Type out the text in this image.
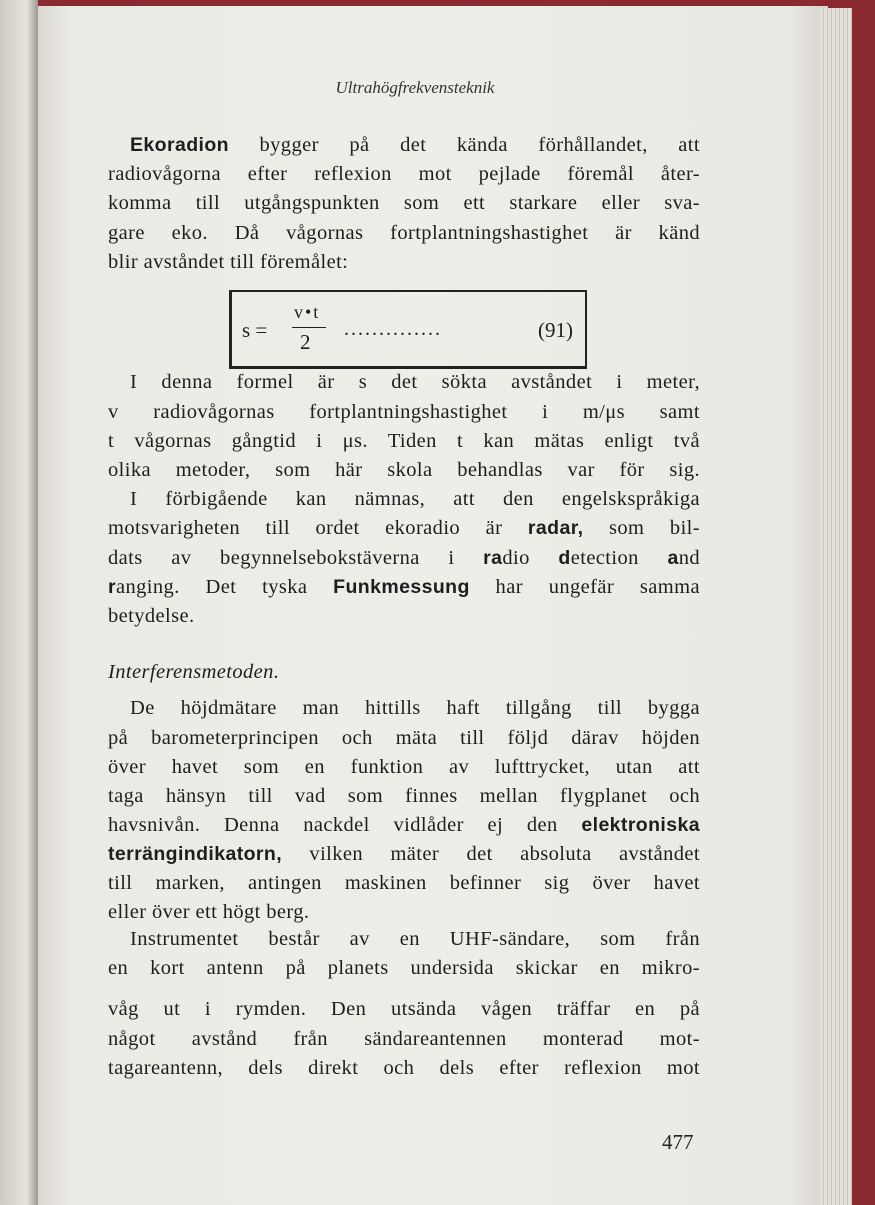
Ultrahögfrekvensteknik
Ekoradion bygger på det kända förhållandet, att
radiovågorna efter reflexion mot pejlade föremål åter-
komma till utgångspunkten som ett starkare eller sva-
gare eko. Då vågornas fortplantningshastighet är känd
blir avståndet till föremålet:
s =
v•t
2
..............	(91)
I denna formel är s det sökta avståndet i meter,
v radiovågornas fortplantningshastighet i m/μs samt
t vågornas gångtid i μs. Tiden t kan mätas enligt två
olika metoder, som här skola behandlas var för sig.
I förbigående kan nämnas, att den engelskspråkiga
motsvarigheten till ordet ekoradio är radar, som bil-
dats av begynnelsebokstäverna i radio detection and
ranging. Det tyska Funkmessung har ungefär samma
betydelse.
Interferensmetoden.
De höjdmätare man hittills haft tillgång till bygga
på barometerprincipen och mäta till följd därav höjden
över havet som en funktion av lufttrycket, utan att
taga hänsyn till vad som finnes mellan flygplanet och
havsnivån. Denna nackdel vidlåder ej den elektroniska
terrängindikatorn, vilken mäter det absoluta avståndet
till marken, antingen maskinen befinner sig över havet
eller över ett högt berg.
Instrumentet består av en UHF-sändare, som från
en kort antenn på planets undersida skickar en mikro-
våg ut i rymden. Den utsända vågen träffar en på
något avstånd från sändareantennen monterad mot-
tagareantenn, dels direkt och dels efter reflexion mot
477
